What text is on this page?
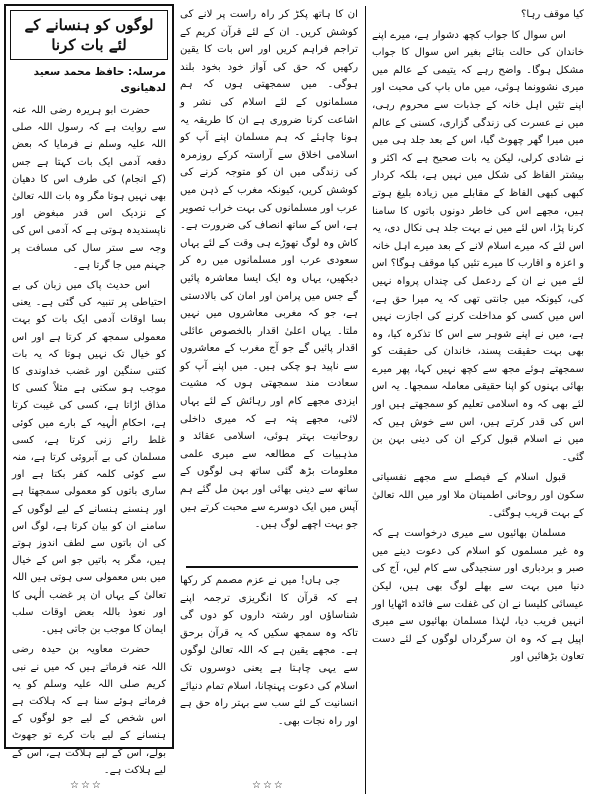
کیا موقف رہا؟

اس سوال کا جواب کچھ دشوار ہے، میرے اپنے خاندان کی حالت بتائے بغیر اس سوال کا جواب مشکل ہوگا۔ واضح رہے کہ یتیمی کے عالم میں میری نشوونما ہوئی، میں ماں باپ کی محبت اور اپنے تئیں اہل خانہ کے جذبات سے محروم رہی، میں نے عسرت کی زندگی گزاری، کسنی کے عالم میں میرا گھر چھوٹ گیا، اس کے بعد جلد ہی میں نے شادی کرلی، لیکن یہ بات صحیح ہے کہ اکثر و بیشتر الفاظ کی شکل میں نہیں ہے، بلکہ کردار کبھی کبھی الفاظ کے مقابلے میں زیادہ بلیغ ہوتے ہیں، مجھے اس کی خاطر دونوں باتوں کا سامنا کرنا پڑا، اس لئے میں نے بہت جلد ہی نکال دی، یہ اس لئے کہ میرے اسلام لانے کے بعد میرے اہل خانہ و اعزہ و اقارب کا میرے تئیں کیا موقف ہوگا؟ اس لئے میں نے ان کے ردعمل کی چنداں پرواہ نہیں کی، کیونکہ میں جانتی تھی کہ یہ میرا حق ہے، اس میں کسی کو مداخلت کرنے کی اجازت نہیں ہے، میں نے اپنے شوہر سے اس کا تذکرہ کیا، وہ بھی بہت حقیقت پسند، خاندان کی حقیقت کو سمجھتے ہوئے مجھ سے کچھ نہیں کہا، پھر میرے بھائی بہنوں کو اپنا حقیقی معاملہ سمجھا۔ یہ اس لئے بھی کہ وہ اسلامی تعلیم کو سمجھتے ہیں اور اس کی قدر کرتے ہیں، اس سے خوش ہیں کہ میں نے اسلام قبول کرکے ان کی دینی بہن بن گئی۔

قبول اسلام کے فیصلے سے مجھے نفسیاتی سکون اور روحانی اطمینان ملا اور میں اللہ تعالیٰ کے بہت قریب ہوگئی۔

مسلمان بھائیوں سے میری درخواست ہے کہ وہ غیر مسلموں کو اسلام کی دعوت دینے میں صبر و بردباری اور سنجیدگی سے کام لیں، آج کی دنیا میں بہت سے بھلے لوگ بھی ہیں، لیکن عیسائی کلیسا نے ان کی غفلت سے فائدہ اٹھایا اور انہیں فریب دیا، لہٰذا مسلمان بھائیوں سے میری اپیل ہے کہ وہ ان سرگرداں لوگوں کے لئے دست تعاون بڑھائیں اور

ان کا ہاتھ پکڑ کر راہ راست پر لانے کی کوشش کریں۔ ان کے لئے قرآن کریم کے تراجم فراہم کریں اور اس بات کا یقین رکھیں کہ حق کی آواز خود بخود بلند ہوگی۔ میں سمجھتی ہوں کہ ہم مسلمانوں کے لئے اسلام کی نشر و اشاعت کرنا ضروری ہے ان کا طریقہ یہ ہونا چاہئے کہ ہم مسلمان اپنے آپ کو اسلامی اخلاق سے آراستہ کرکے روزمرہ کی زندگی میں ان کو متوجہ کرنے کی کوشش کریں، کیونکہ مغرب کے ذہن میں عرب اور مسلمانوں کی بہت خراب تصویر ہے، اس کے ساتھ انصاف کی ضرورت ہے۔ کاش وہ لوگ تھوڑے ہی وقت کے لئے یہاں سعودی عرب اور مسلمانوں میں رہ کر دیکھیں، یہاں وہ ایک ایسا معاشرہ پائیں گے جس میں پرامن اور امان کی بالادستی ہے، جو کہ مغربی معاشروں میں نہیں ملتا۔ یہاں اعلیٰ اقدار بالخصوص عائلی اقدار پائیں گے جو آج مغرب کے معاشروں سے ناپید ہو چکی ہیں۔ میں اپنے آپ کو سعادت مند سمجھتی ہوں کہ مشیت ایزدی مجھے کام اور رہائش کے لئے یہاں لائی، مجھے پتہ ہے کہ میری داخلی روحانیت بہتر ہوئی، اسلامی عقائد و مذہبیات کے مطالعہ سے میری علمی معلومات بڑھ گئی ساتھ ہی لوگوں کے ساتھ سے دینی بھائی اور بہن مل گئے ہم آپس میں ایک دوسرے سے محبت کرتے ہیں جو بہت اچھے لوگ ہیں۔

جی ہاں! میں نے عزم مصمم کر رکھا ہے کہ قرآن کا انگریزی ترجمہ اپنے شناساؤں اور رشتہ داروں کو دوں گی تاکہ وہ سمجھ سکیں کہ یہ قرآن برحق ہے۔ مجھے یقین ہے کہ اللہ تعالیٰ لوگوں سے یہی چاہتا ہے یعنی دوسروں تک اسلام کی دعوت پہنچانا، اسلام تمام دنیائے انسانیت کے لئے سب سے بہتر راہ حق ہے اور راہ نجات بھی۔

☆☆☆
لوگوں کو ہنسانے کے لئے بات کرنا
مرسلہ: حافظ محمد سعید لدھیانوی

حضرت ابو ہریرہ رضی اللہ عنہ سے روایت ہے کہ رسول اللہ صلی اللہ علیہ وسلم نے فرمایا کہ بعض دفعہ آدمی ایک بات کہتا ہے جس (کے انجام) کی طرف اس کا دھیان بھی نہیں ہوتا مگر وہ بات اللہ تعالیٰ کے نزدیک اس قدر مبغوض اور ناپسندیدہ ہوتی ہے کہ آدمی اس کی وجہ سے ستر سال کی مسافت پر جہنم میں جا گرتا ہے۔

اس حدیث پاک میں زبان کی بے احتیاطی پر تنبیہ کی گئی ہے۔ یعنی بسا اوقات آدمی ایک بات کو بہت معمولی سمجھ کر کرتا ہے اور اس کو خیال تک نہیں ہوتا کہ یہ بات کتنی سنگین اور غضب خداوندی کا موجب ہو سکتی ہے مثلاً کسی کا مذاق اڑاتا ہے، کسی کی غیبت کرتا ہے، احکامِ الٰہیہ کے بارے میں کوئی غلط رائے زنی کرتا ہے، کسی مسلمان کی بے آبروئی کرتا ہے، منہ سے کوئی کلمہ کفر بکتا ہے اور ساری باتوں کو معمولی سمجھتا ہے اور ہنسنے ہنسانے کے لیے لوگوں کے سامنے ان کو بیان کرتا ہے، لوگ اس کی ان باتوں سے لطف اندوز ہوتے ہیں، مگر یہ باتیں جو اس کے خیال میں بس معمولی سی ہوتی ہیں اللہ تعالیٰ کے یہاں ان پر غضب الٰہی کا اور نعوذ باللہ بعض اوقات سلب ایمان کا موجب بن جاتی ہیں۔

حضرت معاویہ بن حیدہ رضی اللہ عنہ فرماتے ہیں کہ میں نے نبی کریم صلی اللہ علیہ وسلم کو یہ فرماتے ہوئے سنا ہے کہ ہلاکت ہے اس شخص کے لیے جو لوگوں کے ہنسانے کے لیے بات کرے تو جھوٹ بولے، اس کے لیے ہلاکت ہے، اس کے لیے ہلاکت ہے۔

☆☆☆
